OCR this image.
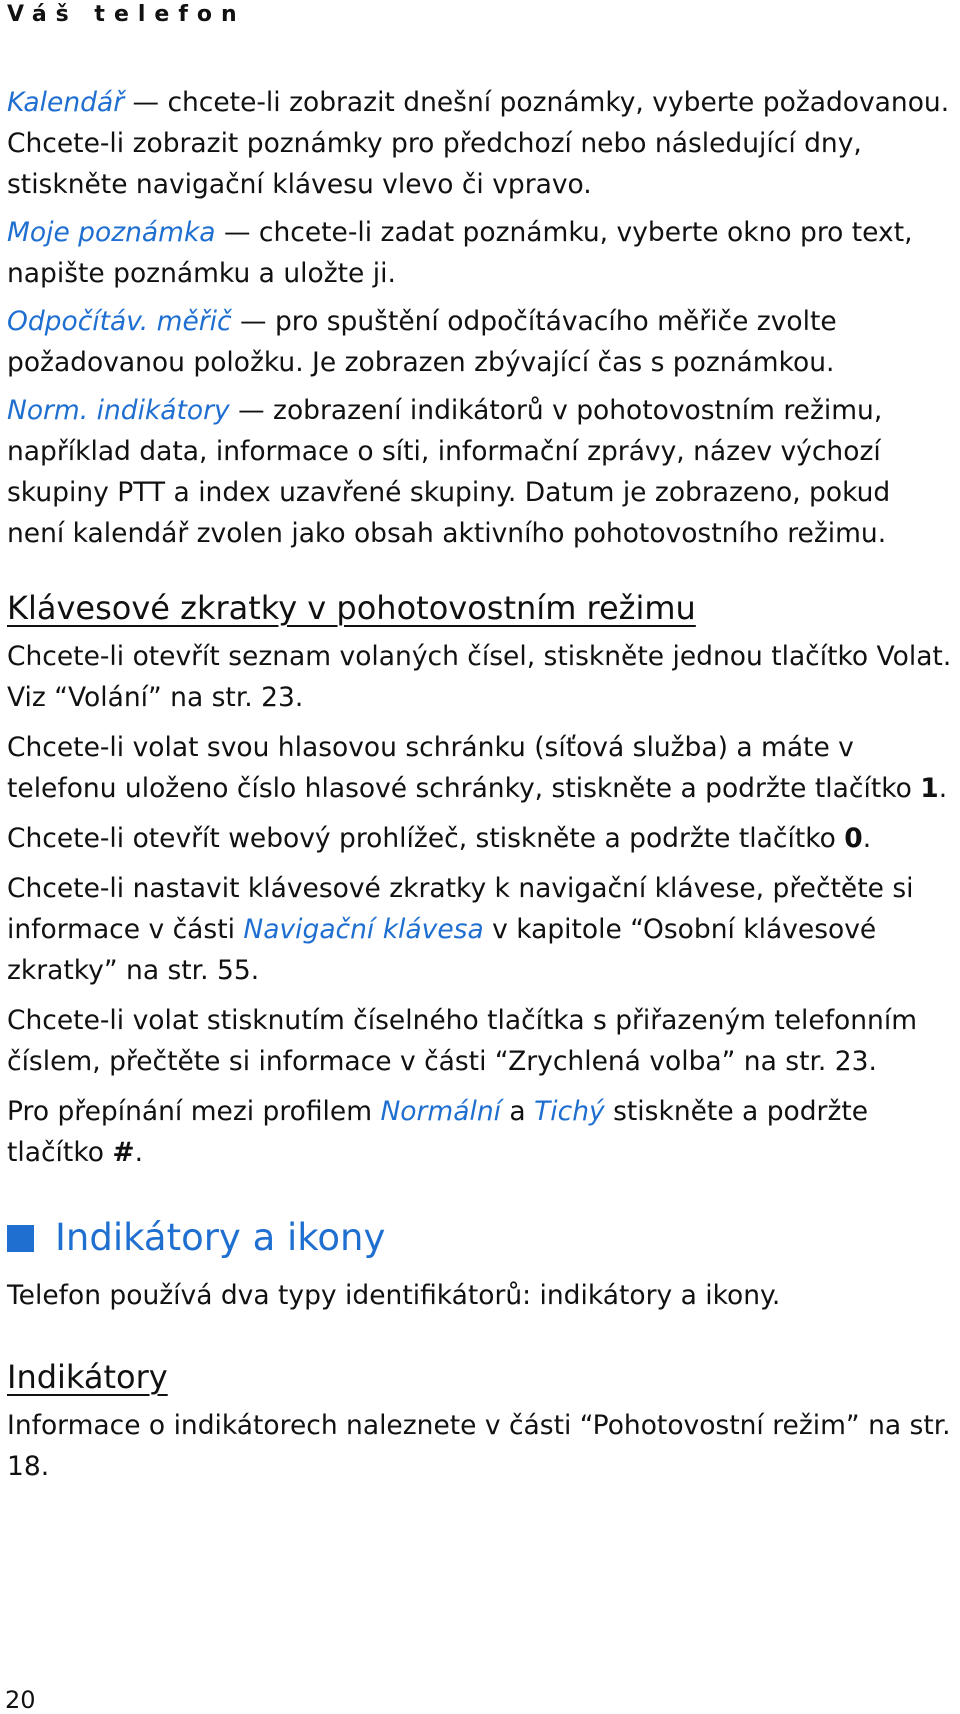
Váš telefon

Kalendář — chcete-li zobrazit dnešní poznámky, vyberte požadovanou. Chcete-li zobrazit poznámky pro předchozí nebo následující dny, stiskněte navigační klávesu vlevo či vpravo.

Moje poznámka — chcete-li zadat poznámku, vyberte okno pro text, napište poznámku a uložte ji.

Odpočítáv. měřič — pro spuštění odpočítávacího měřiče zvolte požadovanou položku. Je zobrazen zbývající čas s poznámkou.

Norm. indikátory — zobrazení indikátorů v pohotovostním režimu, například data, informace o síti, informační zprávy, název výchozí skupiny PTT a index uzavřené skupiny. Datum je zobrazeno, pokud není kalendář zvolen jako obsah aktivního pohotovostního režimu.

Klávesové zkratky v pohotovostním režimu

Chcete-li otevřít seznam volaných čísel, stiskněte jednou tlačítko Volat. Viz “Volání” na str. 23.

Chcete-li volat svou hlasovou schránku (síťová služba) a máte v telefonu uloženo číslo hlasové schránky, stiskněte a podržte tlačítko 1.

Chcete-li otevřít webový prohlížeč, stiskněte a podržte tlačítko 0.

Chcete-li nastavit klávesové zkratky k navigační klávese, přečtěte si informace v části Navigační klávesa v kapitole “Osobní klávesové zkratky” na str. 55.

Chcete-li volat stisknutím číselného tlačítka s přiřazeným telefonním číslem, přečtěte si informace v části “Zrychlená volba” na str. 23.

Pro přepínání mezi profilem Normální a Tichý stiskněte a podržte tlačítko #.

Indikátory a ikony

Telefon používá dva typy identifikátorů: indikátory a ikony.

Indikátory

Informace o indikátorech naleznete v části “Pohotovostní režim” na str. 18.

20
